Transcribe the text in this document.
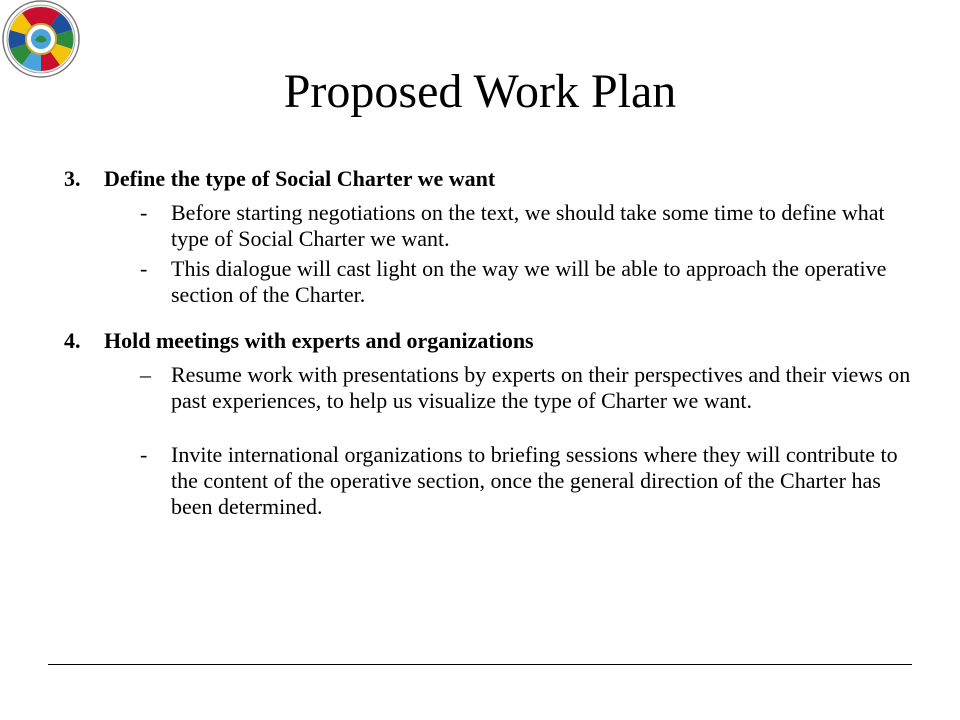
Proposed Work Plan
3. Define the type of Social Charter we want
- Before starting negotiations on the text, we should take some time to define what type of Social Charter we want.
- This dialogue will cast light on the way we will be able to approach the operative section of the Charter.
4. Hold meetings with experts and organizations
– Resume work with presentations by experts on their perspectives and their views on past experiences, to help us visualize the type of Charter we want.
- Invite international organizations to briefing sessions where they will contribute to the content of the operative section, once the general direction of the Charter has been determined.
